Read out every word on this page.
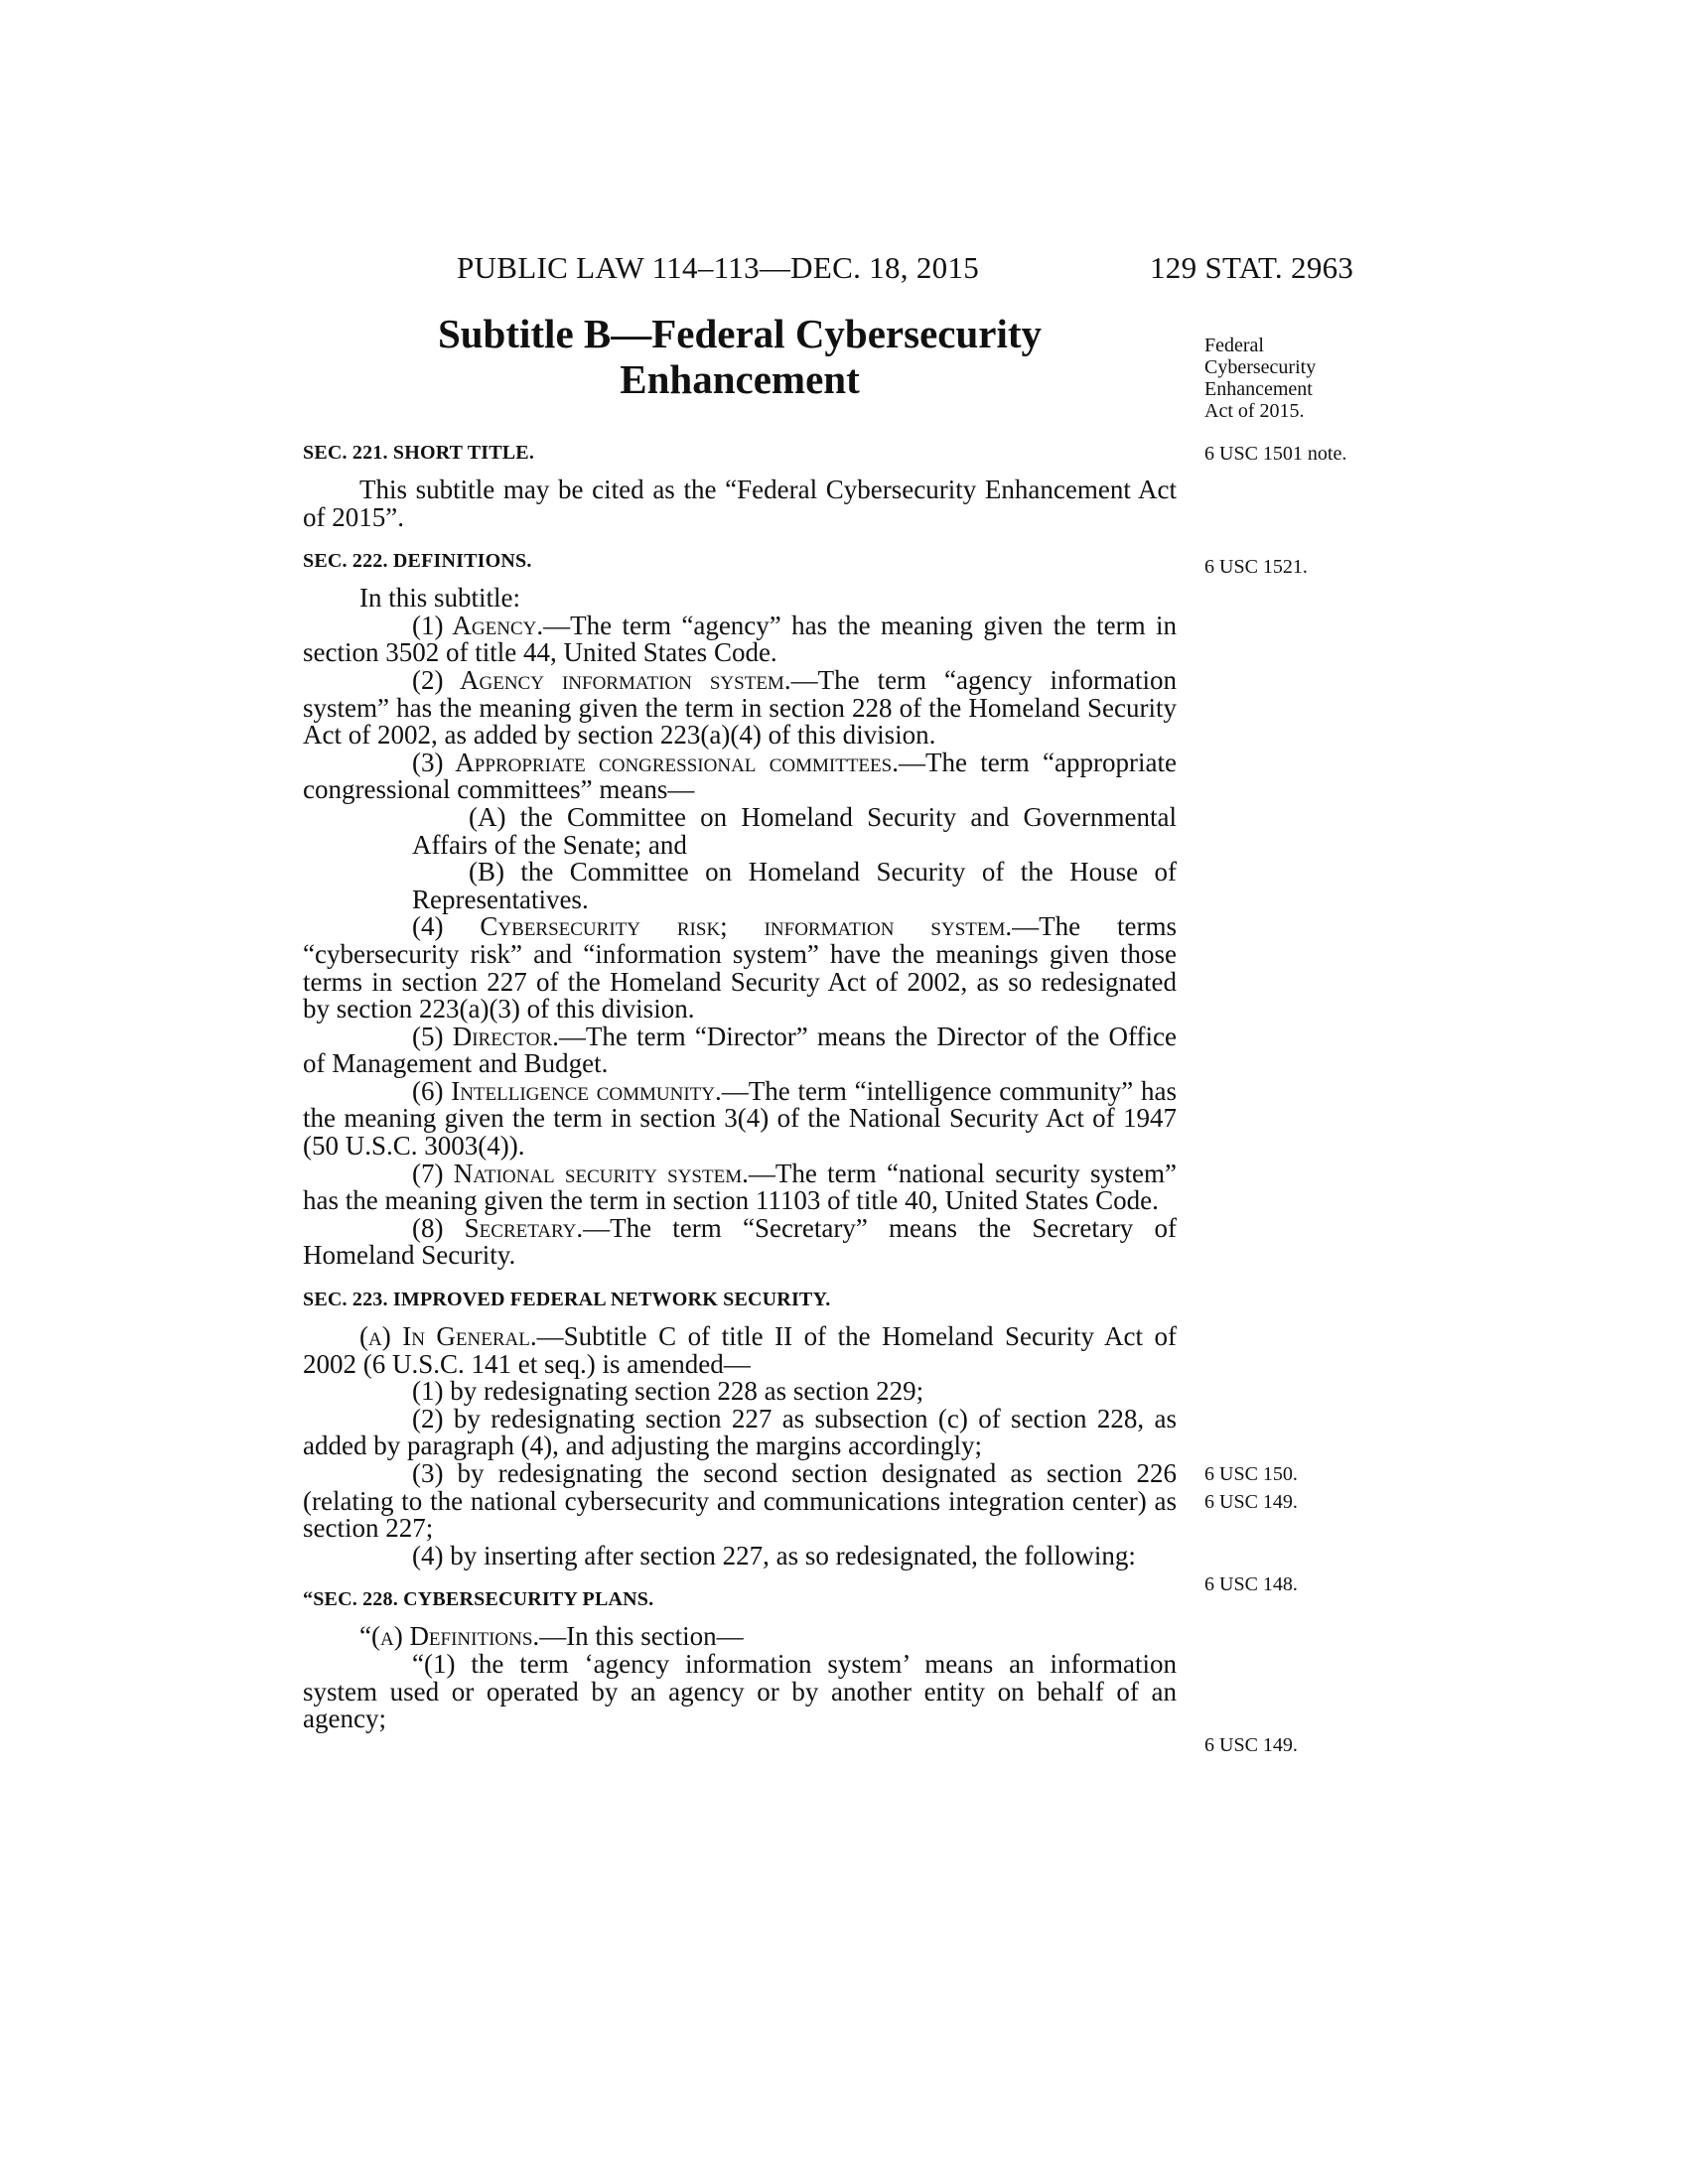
PUBLIC LAW 114–113—DEC. 18, 2015	129 STAT. 2963
Subtitle B—Federal Cybersecurity
Enhancement
Federal
Cybersecurity
Enhancement
Act of 2015.
6 USC 1501 note.
6 USC 1521.
6 USC 150.
6 USC 149.
6 USC 148.
6 USC 149.
SEC. 221. SHORT TITLE.

This subtitle may be cited as the “Federal Cybersecurity Enhancement Act of 2015”.

SEC. 222. DEFINITIONS.

In this subtitle:

(1) Agency.—The term “agency” has the meaning given the term in section 3502 of title 44, United States Code.

(2) Agency information system.—The term “agency information system” has the meaning given the term in section 228 of the Homeland Security Act of 2002, as added by section 223(a)(4) of this division.

(3) Appropriate congressional committees.—The term “appropriate congressional committees” means—

(A) the Committee on Homeland Security and Governmental Affairs of the Senate; and

(B) the Committee on Homeland Security of the House of Representatives.

(4) Cybersecurity risk; information system.—The terms “cybersecurity risk” and “information system” have the meanings given those terms in section 227 of the Homeland Security Act of 2002, as so redesignated by section 223(a)(3) of this division.

(5) Director.—The term “Director” means the Director of the Office of Management and Budget.

(6) Intelligence community.—The term “intelligence community” has the meaning given the term in section 3(4) of the National Security Act of 1947 (50 U.S.C. 3003(4)).

(7) National security system.—The term “national security system” has the meaning given the term in section 11103 of title 40, United States Code.

(8) Secretary.—The term “Secretary” means the Secretary of Homeland Security.

SEC. 223. IMPROVED FEDERAL NETWORK SECURITY.

(a) In General.—Subtitle C of title II of the Homeland Security Act of 2002 (6 U.S.C. 141 et seq.) is amended—

(1) by redesignating section 228 as section 229;

(2) by redesignating section 227 as subsection (c) of section 228, as added by paragraph (4), and adjusting the margins accordingly;

(3) by redesignating the second section designated as section 226 (relating to the national cybersecurity and communications integration center) as section 227;

(4) by inserting after section 227, as so redesignated, the following:

“SEC. 228. CYBERSECURITY PLANS.

“(a) Definitions.—In this section—

“(1) the term ‘agency information system’ means an information system used or operated by an agency or by another entity on behalf of an agency;
